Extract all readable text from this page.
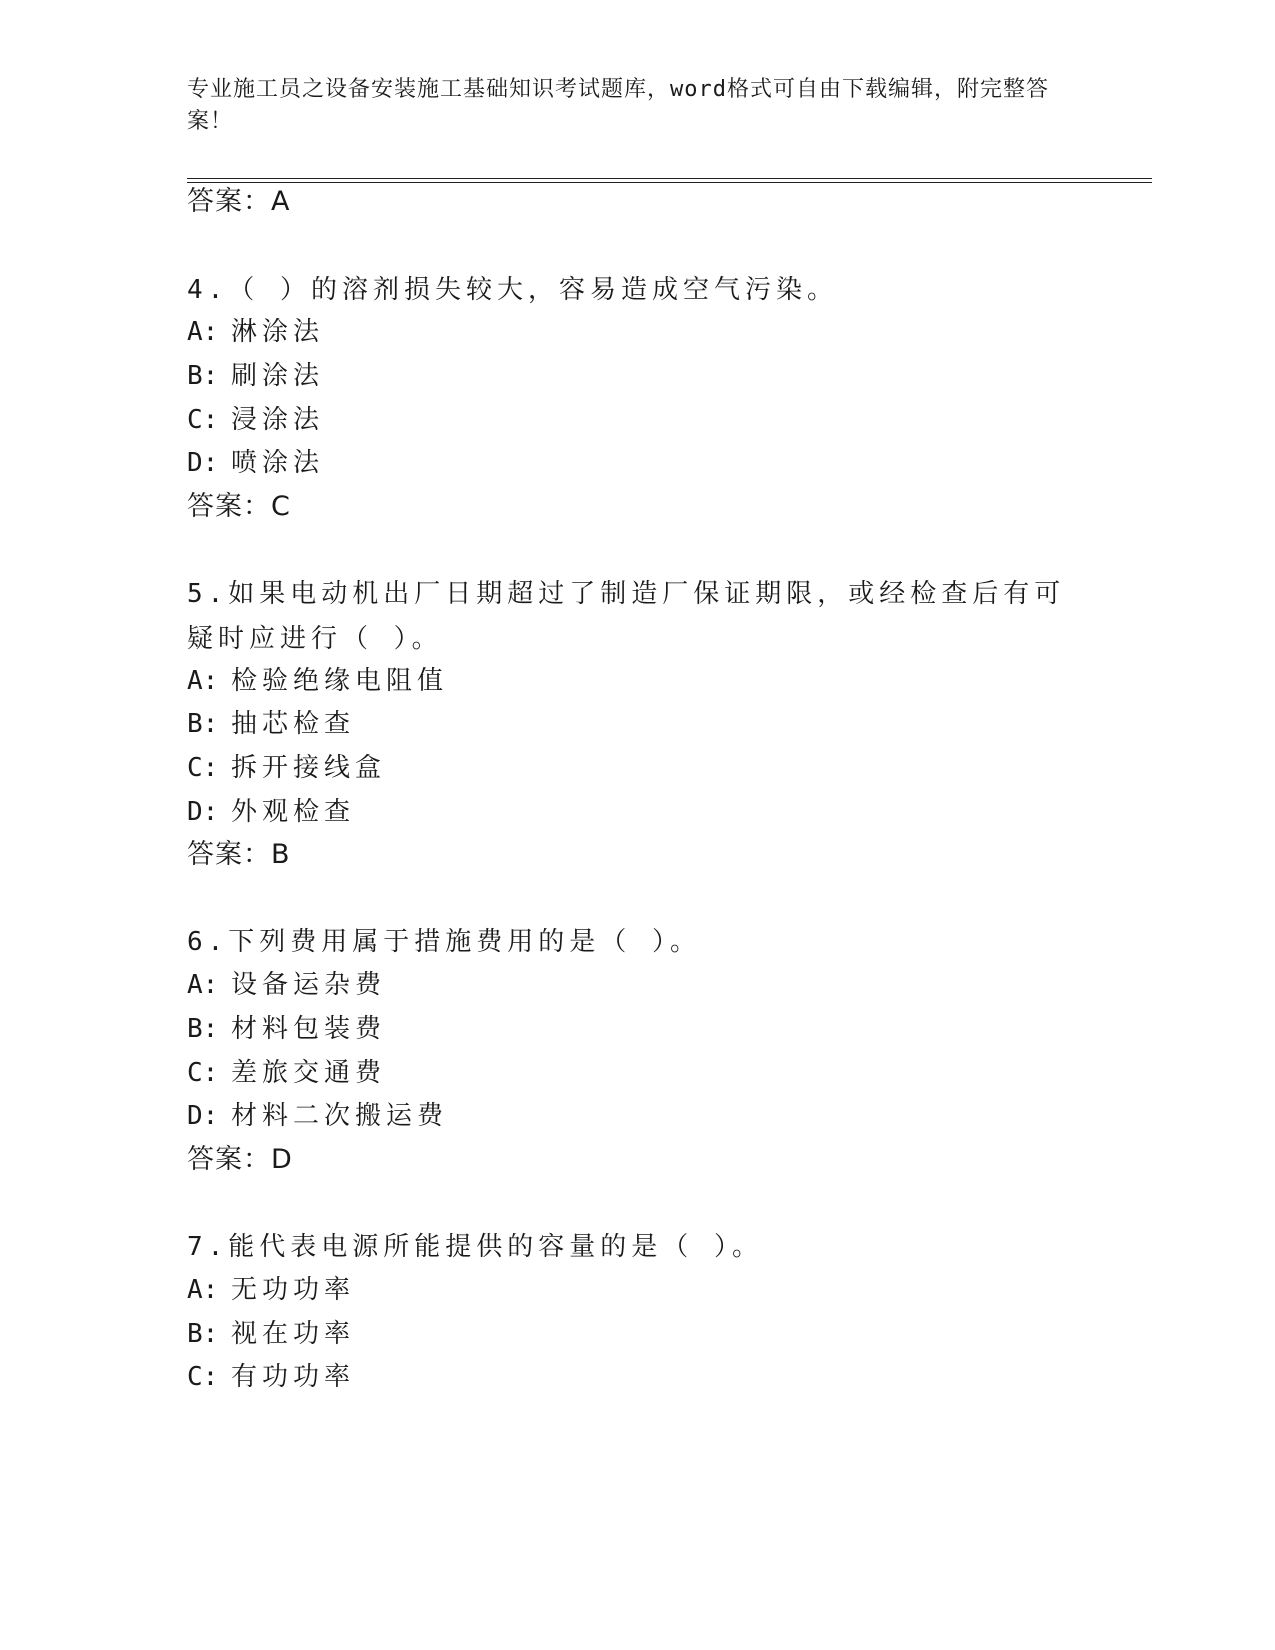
专业施工员之设备安装施工基础知识考试题库，word格式可自由下载编辑，附完整答案！
答案：A
4.（ ）的溶剂损失较大，容易造成空气污染。
A: 淋涂法
B: 刷涂法
C: 浸涂法
D: 喷涂法
答案：C
5.如果电动机出厂日期超过了制造厂保证期限，或经检查后有可疑时应进行（ ）。
A: 检验绝缘电阻值
B: 抽芯检查
C: 拆开接线盒
D: 外观检查
答案：B
6.下列费用属于措施费用的是（ ）。
A: 设备运杂费
B: 材料包装费
C: 差旅交通费
D: 材料二次搬运费
答案：D
7.能代表电源所能提供的容量的是（ ）。
A: 无功功率
B: 视在功率
C: 有功功率
